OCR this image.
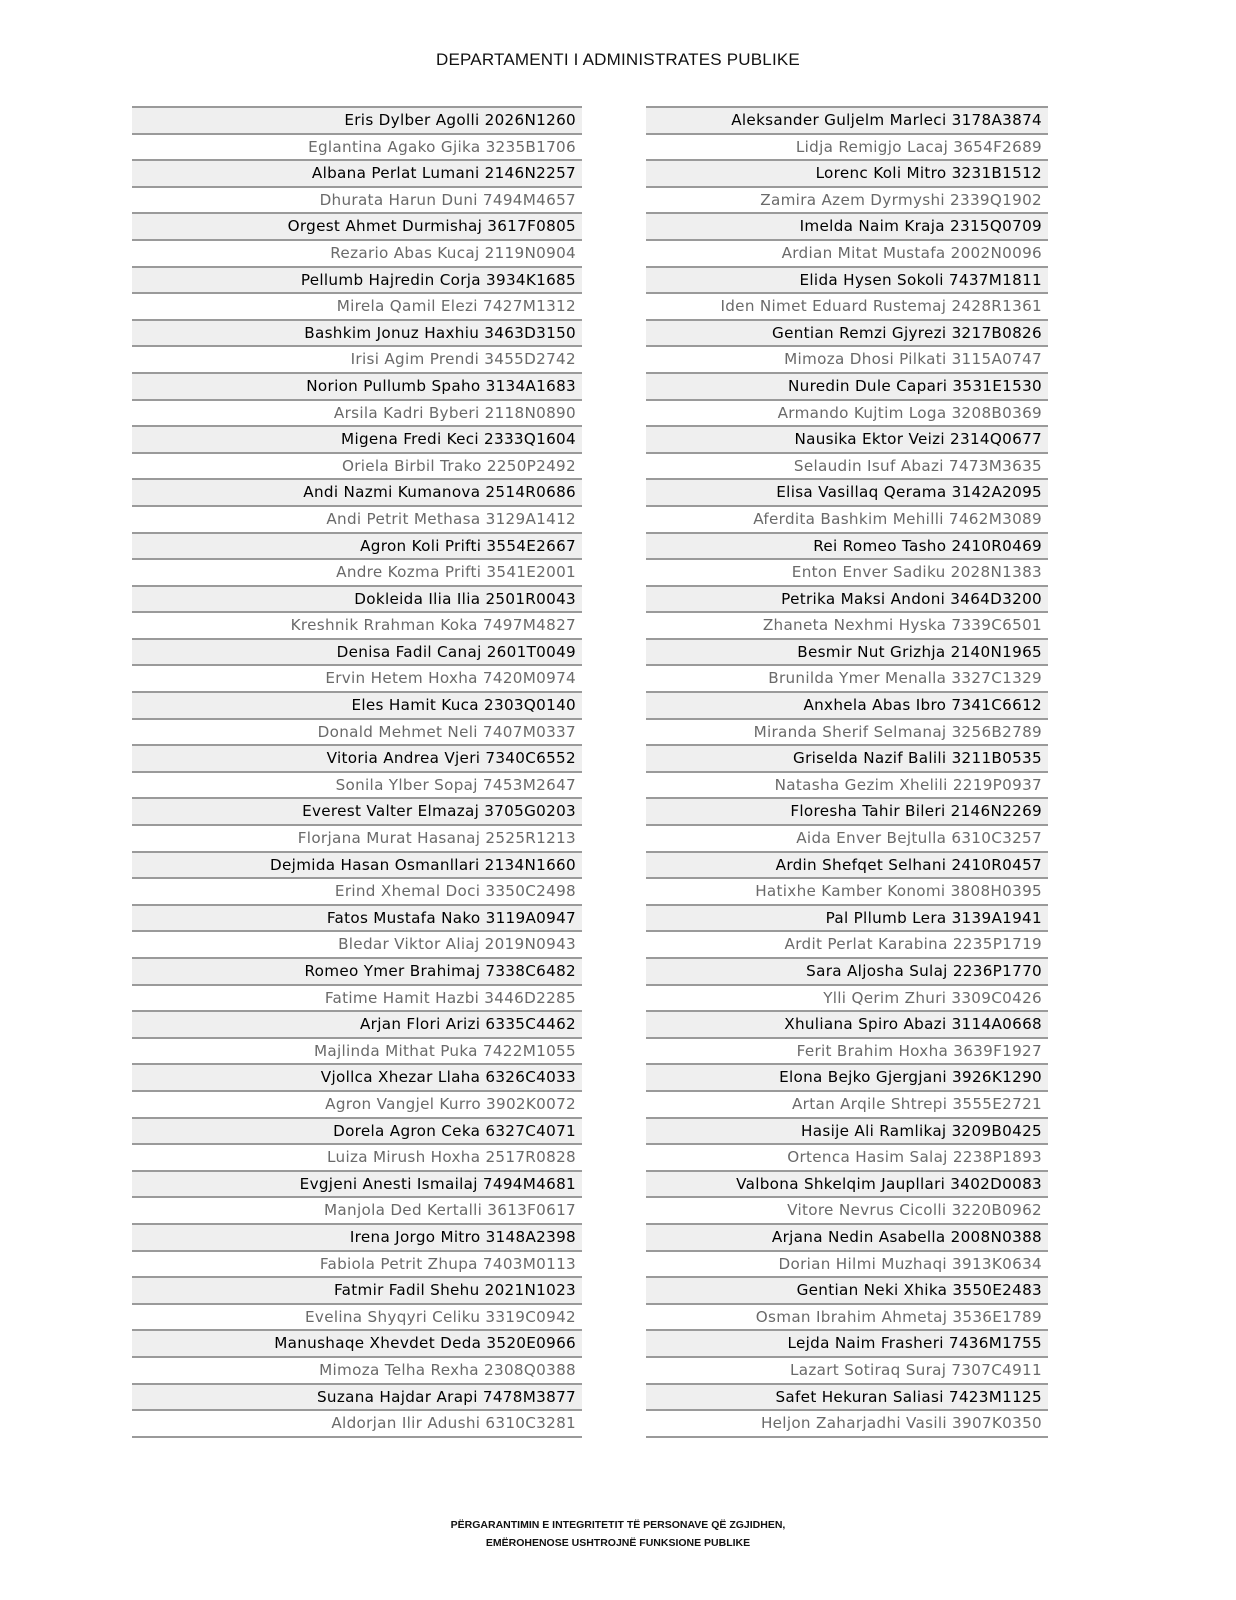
DEPARTAMENTI I ADMINISTRATES PUBLIKE
Eris Dylber Agolli 2026N1260
Eglantina Agako Gjika 3235B1706
Albana Perlat Lumani 2146N2257
Dhurata Harun Duni 7494M4657
Orgest Ahmet Durmishaj 3617F0805
Rezario Abas Kucaj 2119N0904
Pellumb Hajredin Corja 3934K1685
Mirela Qamil Elezi 7427M1312
Bashkim Jonuz Haxhiu 3463D3150
Irisi Agim Prendi 3455D2742
Norion Pullumb Spaho 3134A1683
Arsila Kadri Byberi 2118N0890
Migena Fredi Keci 2333Q1604
Oriela Birbil Trako 2250P2492
Andi Nazmi Kumanova 2514R0686
Andi Petrit Methasa 3129A1412
Agron Koli Prifti 3554E2667
Andre Kozma Prifti 3541E2001
Dokleida Ilia Ilia 2501R0043
Kreshnik Rrahman Koka 7497M4827
Denisa Fadil Canaj 2601T0049
Ervin Hetem Hoxha 7420M0974
Eles Hamit Kuca 2303Q0140
Donald Mehmet Neli 7407M0337
Vitoria Andrea Vjeri 7340C6552
Sonila Ylber Sopaj 7453M2647
Everest Valter Elmazaj 3705G0203
Florjana Murat Hasanaj 2525R1213
Dejmida Hasan Osmanllari 2134N1660
Erind Xhemal Doci 3350C2498
Fatos Mustafa Nako 3119A0947
Bledar Viktor Aliaj 2019N0943
Romeo Ymer Brahimaj 7338C6482
Fatime Hamit Hazbi 3446D2285
Arjan Flori Arizi 6335C4462
Majlinda Mithat Puka 7422M1055
Vjollca Xhezar Llaha 6326C4033
Agron Vangjel Kurro 3902K0072
Dorela Agron Ceka 6327C4071
Luiza Mirush Hoxha 2517R0828
Evgjeni Anesti Ismailaj 7494M4681
Manjola Ded Kertalli 3613F0617
Irena Jorgo Mitro 3148A2398
Fabiola Petrit Zhupa 7403M0113
Fatmir Fadil Shehu 2021N1023
Evelina Shyqyri Celiku 3319C0942
Manushaqe Xhevdet Deda 3520E0966
Mimoza Telha Rexha 2308Q0388
Suzana Hajdar Arapi 7478M3877
Aldorjan Ilir Adushi 6310C3281
Aleksander Guljelm Marleci 3178A3874
Lidja Remigjo Lacaj 3654F2689
Lorenc Koli Mitro 3231B1512
Zamira Azem Dyrmyshi 2339Q1902
Imelda Naim Kraja 2315Q0709
Ardian Mitat Mustafa 2002N0096
Elida Hysen Sokoli 7437M1811
Iden Nimet Eduard Rustemaj 2428R1361
Gentian Remzi Gjyrezi 3217B0826
Mimoza Dhosi Pilkati 3115A0747
Nuredin Dule Capari 3531E1530
Armando Kujtim Loga 3208B0369
Nausika Ektor Veizi 2314Q0677
Selaudin Isuf Abazi 7473M3635
Elisa Vasillaq Qerama 3142A2095
Aferdita Bashkim Mehilli 7462M3089
Rei Romeo Tasho 2410R0469
Enton Enver Sadiku 2028N1383
Petrika Maksi Andoni 3464D3200
Zhaneta Nexhmi Hyska 7339C6501
Besmir Nut Grizhja 2140N1965
Brunilda Ymer Menalla 3327C1329
Anxhela Abas Ibro 7341C6612
Miranda Sherif Selmanaj 3256B2789
Griselda Nazif Balili 3211B0535
Natasha Gezim Xhelili 2219P0937
Floresha Tahir Bileri 2146N2269
Aida Enver Bejtulla 6310C3257
Ardin Shefqet Selhani 2410R0457
Hatixhe Kamber Konomi 3808H0395
Pal Pllumb Lera 3139A1941
Ardit Perlat Karabina 2235P1719
Sara Aljosha Sulaj 2236P1770
Ylli Qerim Zhuri 3309C0426
Xhuliana Spiro Abazi 3114A0668
Ferit Brahim Hoxha 3639F1927
Elona Bejko Gjergjani 3926K1290
Artan Arqile Shtrepi 3555E2721
Hasije Ali Ramlikaj 3209B0425
Ortenca Hasim Salaj 2238P1893
Valbona Shkelqim Jaupllari 3402D0083
Vitore Nevrus Cicolli 3220B0962
Arjana Nedin Asabella 2008N0388
Dorian Hilmi Muzhaqi 3913K0634
Gentian Neki Xhika 3550E2483
Osman Ibrahim Ahmetaj 3536E1789
Lejda Naim Frasheri 7436M1755
Lazart Sotiraq Suraj 7307C4911
Safet Hekuran Saliasi 7423M1125
Heljon Zaharjadhi Vasili 3907K0350
PËRGARANTIMIN E INTEGRITETIT TË PERSONAVE QË ZGJIDHEN,
EMËROHENOSE USHTROJNË FUNKSIONE PUBLIKE
